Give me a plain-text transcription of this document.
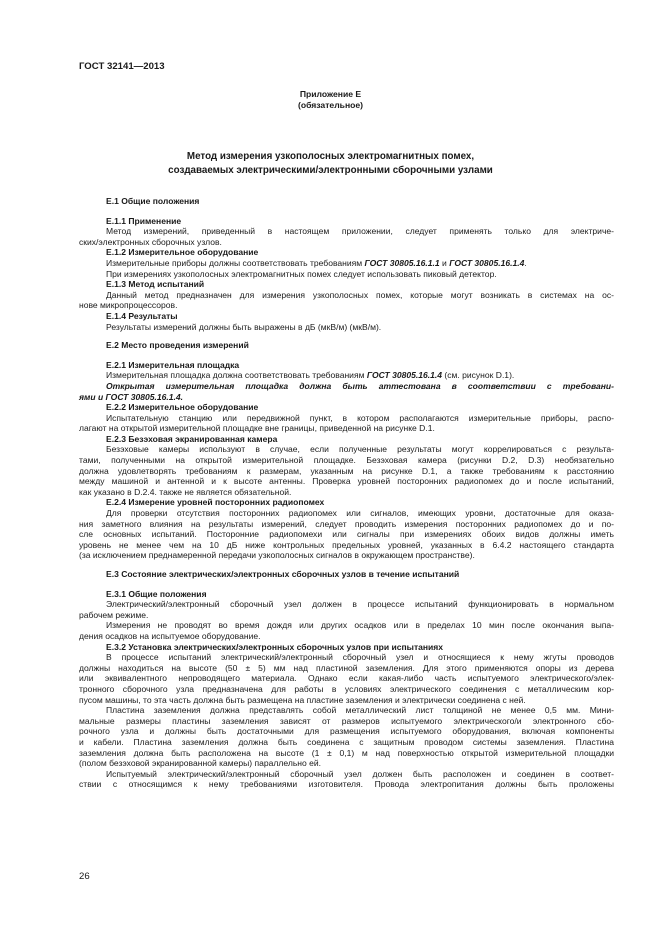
ГОСТ 32141—2013
Приложение Е
(обязательное)
Метод измерения узкополосных электромагнитных помех,
создаваемых электрическими/электронными сборочными узлами

Е.1 Общие положения

Е.1.1 Применение

Метод измерений, приведенный в настоящем приложении, следует применять только для электриче-

ских/электронных сборочных узлов.

Е.1.2 Измерительное оборудование

Измерительные приборы должны соответствовать требованиям ГОСТ 30805.16.1.1 и ГОСТ 30805.16.1.4.

При измерениях узкополосных электромагнитных помех следует использовать пиковый детектор.

Е.1.3 Метод испытаний

Данный метод предназначен для измерения узкополосных помех, которые могут возникать в системах на ос-

нове микропроцессоров.

Е.1.4 Результаты

Результаты измерений должны быть выражены в дБ (мкВ/м) (мкВ/м).

Е.2 Место проведения измерений

Е.2.1 Измерительная площадка

Измерительная площадка должна соответствовать требованиям ГОСТ 30805.16.1.4 (см. рисунок D.1).

Открытая измерительная площадка должна быть аттестована в соответствии с требовани-

ями и ГОСТ 30805.16.1.4.

Е.2.2 Измерительное оборудование

Испытательную станцию или передвижной пункт, в котором располагаются измерительные приборы, распо-

лагают на открытой измерительной площадке вне границы, приведенной на рисунке D.1.

Е.2.3 Безэховая экранированная камера

Безэховые камеры используют в случае, если полученные результаты могут коррелироваться с результа-

тами, полученными на открытой измерительной площадке. Безэховая камера (рисунки D.2, D.3) необязательно

должна удовлетворять требованиям к размерам, указанным на рисунке D.1, а также требованиям к расстоянию

между машиной и антенной и к высоте антенны. Проверка уровней посторонних радиопомех до и после испытаний,

как указано в D.2.4. также не является обязательной.

Е.2.4 Измерение уровней посторонних радиопомех

Для проверки отсутствия посторонних радиопомех или сигналов, имеющих уровни, достаточные для оказа-

ния заметного влияния на результаты измерений, следует проводить измерения посторонних радиопомех до и по-

сле основных испытаний. Посторонние радиопомехи или сигналы при измерениях обоих видов должны иметь

уровень не менее чем на 10 дБ ниже контрольных предельных уровней, указанных в 6.4.2 настоящего стандарта

(за исключением преднамеренной передачи узкополосных сигналов в окружающем пространстве).

Е.3 Состояние электрических/электронных сборочных узлов в течение испытаний

Е.3.1 Общие положения

Электрический/электронный сборочный узел должен в процессе испытаний функционировать в нормальном

рабочем режиме.

Измерения не проводят во время дождя или других осадков или в пределах 10 мин после окончания выпа-

дения осадков на испытуемое оборудование.

Е.3.2 Установка электрических/электронных сборочных узлов при испытаниях

В процессе испытаний электрический/электронный сборочный узел и относящиеся к нему жгуты проводов

должны находиться на высоте (50 ± 5) мм над пластиной заземления. Для этого применяются опоры из дерева

или эквивалентного непроводящего материала. Однако если какая-либо часть испытуемого электрического/элек-

тронного сборочного узла предназначена для работы в условиях электрического соединения с металлическим кор-

пусом машины, то эта часть должна быть размещена на пластине заземления и электрически соединена с ней.

Пластина заземления должна представлять собой металлический лист толщиной не менее 0,5 мм. Мини-

мальные размеры пластины заземления зависят от размеров испытуемого электрического/и электронного сбо-

рочного узла и должны быть достаточными для размещения испытуемого оборудования, включая компоненты

и кабели. Пластина заземления должна быть соединена с защитным проводом системы заземления. Пластина

заземления должна быть расположена на высоте (1 ± 0,1) м над поверхностью открытой измерительной площадки

(полом безэховой экранированной камеры) параллельно ей.

Испытуемый электрический/электронный сборочный узел должен быть расположен и соединен в соответ-

ствии с относящимся к нему требованиями изготовителя. Провода электропитания должны быть проложены

26
